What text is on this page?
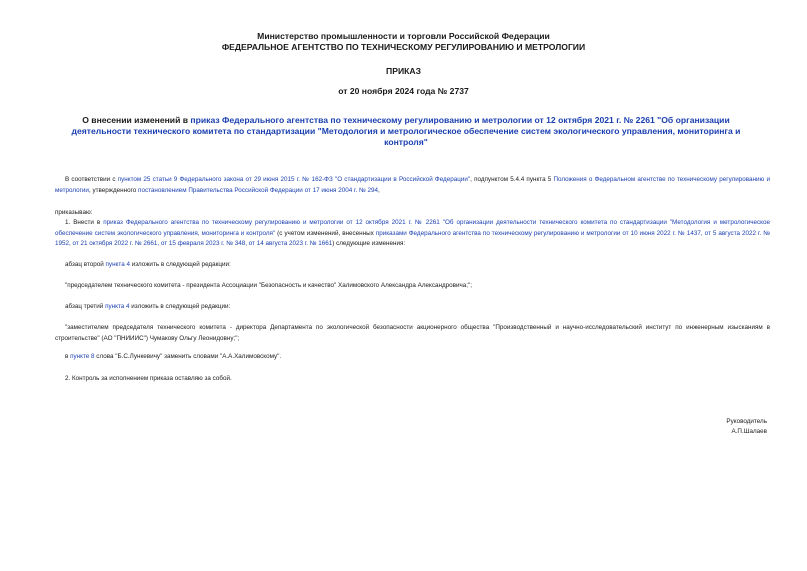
Министерство промышленности и торговли Российской Федерации
ФЕДЕРАЛЬНОЕ АГЕНТСТВО ПО ТЕХНИЧЕСКОМУ РЕГУЛИРОВАНИЮ И МЕТРОЛОГИИ
ПРИКАЗ
от 20 ноября 2024 года № 2737
О внесении изменений в приказ Федерального агентства по техническому регулированию и метрологии от 12 октября 2021 г. № 2261 "Об организации деятельности технического комитета по стандартизации "Методология и метрологическое обеспечение систем экологического управления, мониторинга и контроля"
В соответствии с пунктом 25 статьи 9 Федерального закона от 29 июня 2015 г. № 162-ФЗ "О стандартизации в Российской Федерации", подпунктом 5.4.4 пункта 5 Положения о Федеральном агентстве по техническому регулированию и метрологии, утвержденного постановлением Правительства Российской Федерации от 17 июня 2004 г. № 294,
приказываю:
1. Внести в приказ Федерального агентства по техническому регулированию и метрологии от 12 октября 2021 г. № 2261 "Об организации деятельности технического комитета по стандартизации "Методология и метрологическое обеспечение систем экологического управления, мониторинга и контроля" (с учетом изменений, внесенных приказами Федерального агентства по техническому регулированию и метрологии от 10 июня 2022 г. № 1437, от 5 августа 2022 г. № 1952, от 21 октября 2022 г. № 2661, от 15 февраля 2023 г. № 348, от 14 августа 2023 г. № 1661) следующие изменения:
абзац второй пункта 4 изложить в следующей редакции:
"председателем технического комитета - президента Ассоциации "Безопасность и качество" Халимовского Александра Александровича;";
абзац третий пункта 4 изложить в следующей редакции:
"заместителем председателя технического комитета - директора Департамента по экологической безопасности акционерного общества "Производственный и научно-исследовательский институт по инженерным изысканиям в строительстве" (АО "ПНИИИС") Чумакову Ольгу Леонидовну;";
в пункте 8 слова "Б.С.Лункевичу" заменить словами "А.А.Халимовскому".
2. Контроль за исполнением приказа оставляю за собой.
Руководитель
А.П.Шалаев
